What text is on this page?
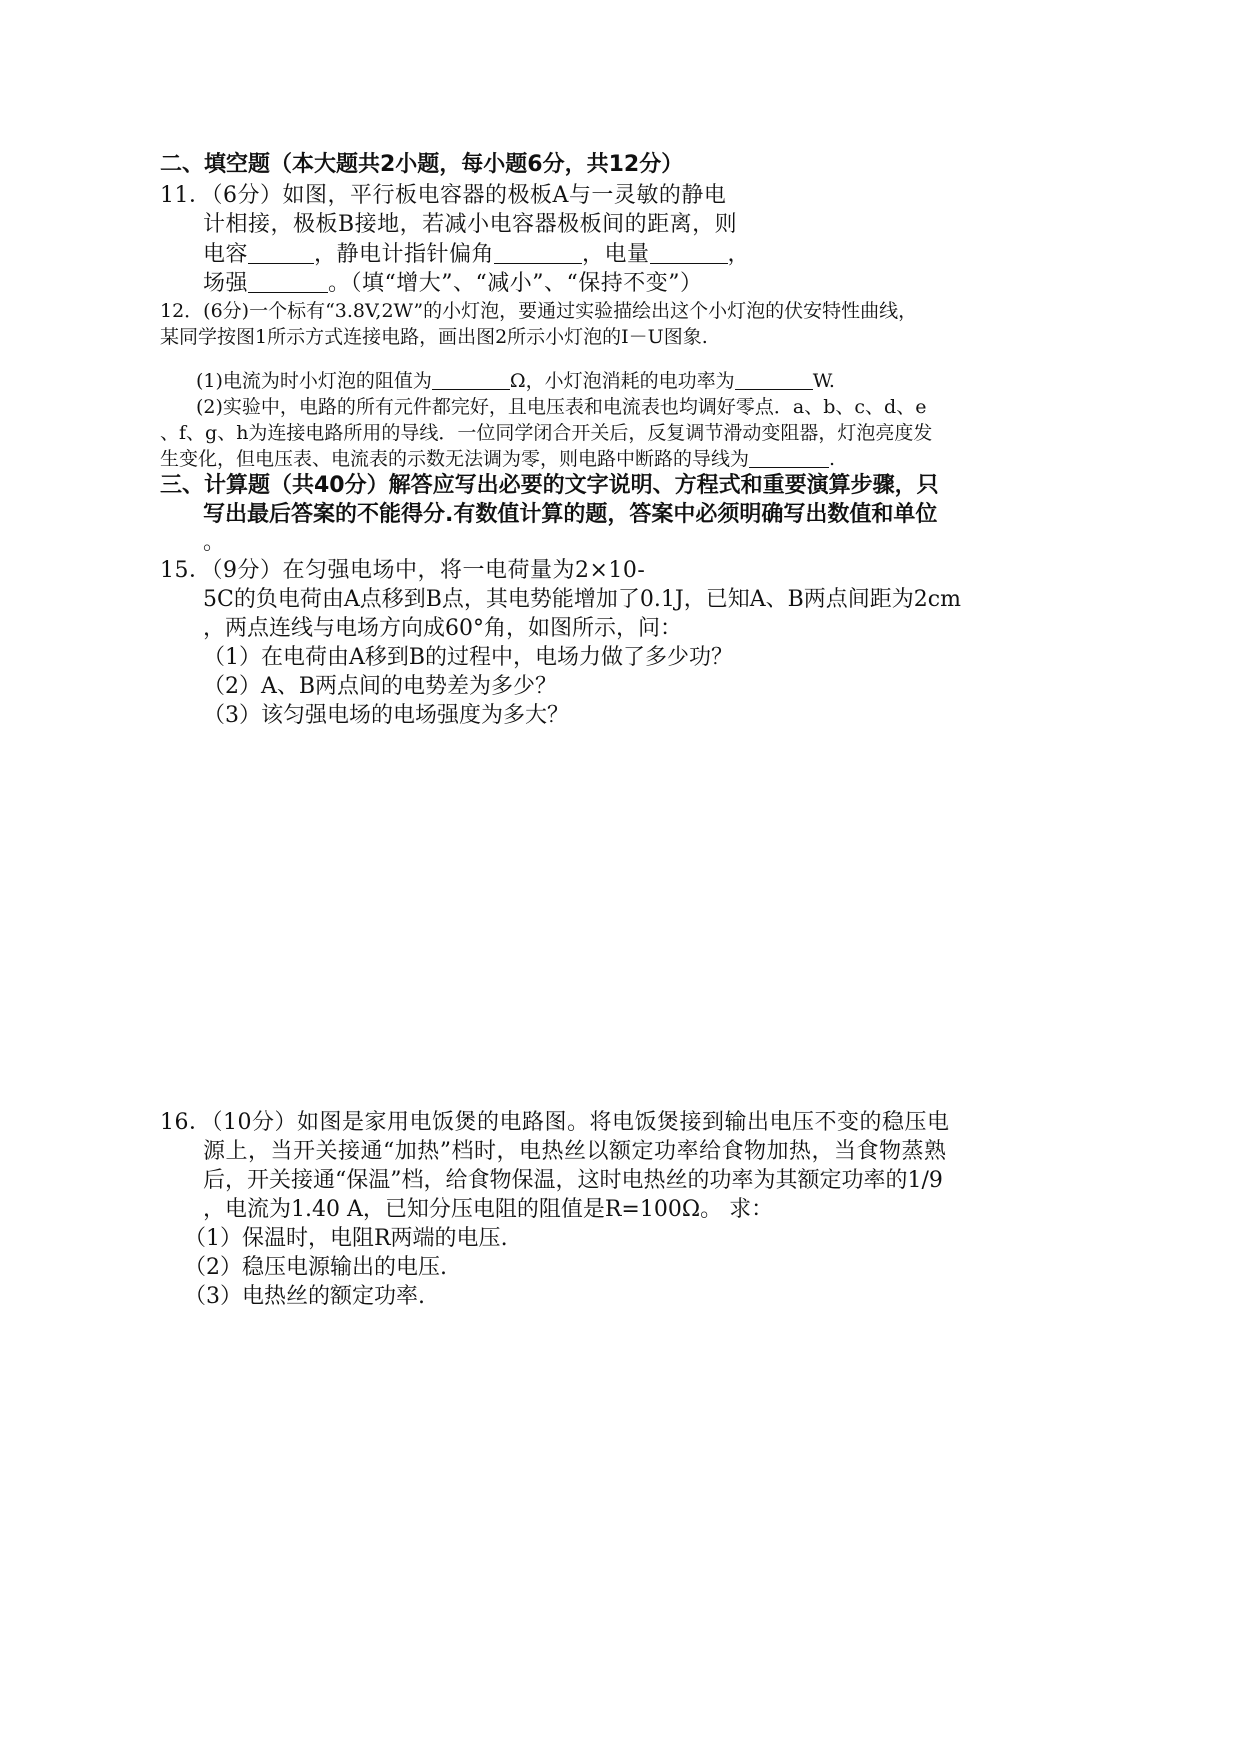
二、填空题（本大题共2小题，每小题6分，共12分）
11．（6分）如图，平行板电容器的极板A与一灵敏的静电
计相接，极板B接地，若减小电容器极板间的距离，则
电容	，静电计指针偏角	，电量	，
场强	。（填“增大”、“减小”、“保持不变”）
12．(6分)一个标有“3.8V,2W”的小灯泡，要通过实验描绘出这个小灯泡的伏安特性曲线，
某同学按图1所示方式连接电路，画出图2所示小灯泡的I－U图象.
(1)电流为时小灯泡的阻值为	Ω，小灯泡消耗的电功率为	W.
(2)实验中，电路的所有元件都完好，且电压表和电流表也均调好零点．a、b、c、d、e
、f、g、h为连接电路所用的导线．一位同学闭合开关后，反复调节滑动变阻器，灯泡亮度发
生变化，但电压表、电流表的示数无法调为零，则电路中断路的导线为	.
三、计算题（共40分）解答应写出必要的文字说明、方程式和重要演算步骤，只
写出最后答案的不能得分.有数值计算的题，答案中必须明确写出数值和单位
。
15．（9分）在匀强电场中，将一电荷量为2×10-
5C的负电荷由A点移到B点，其电势能增加了0.1J，已知A、B两点间距为2cm
，两点连线与电场方向成60°角，如图所示，问：
（1）在电荷由A移到B的过程中，电场力做了多少功？
（2）A、B两点间的电势差为多少？
（3）该匀强电场的电场强度为多大？
16．（10分）如图是家用电饭煲的电路图。将电饭煲接到输出电压不变的稳压电
源上，当开关接通“加热”档时，电热丝以额定功率给食物加热，当食物蒸熟
后，开关接通“保温”档，给食物保温，这时电热丝的功率为其额定功率的1/9
，电流为1.40 A，已知分压电阻的阻值是R=100Ω。 求：
（1）保温时，电阻R两端的电压.
（2）稳压电源输出的电压.
（3）电热丝的额定功率.
